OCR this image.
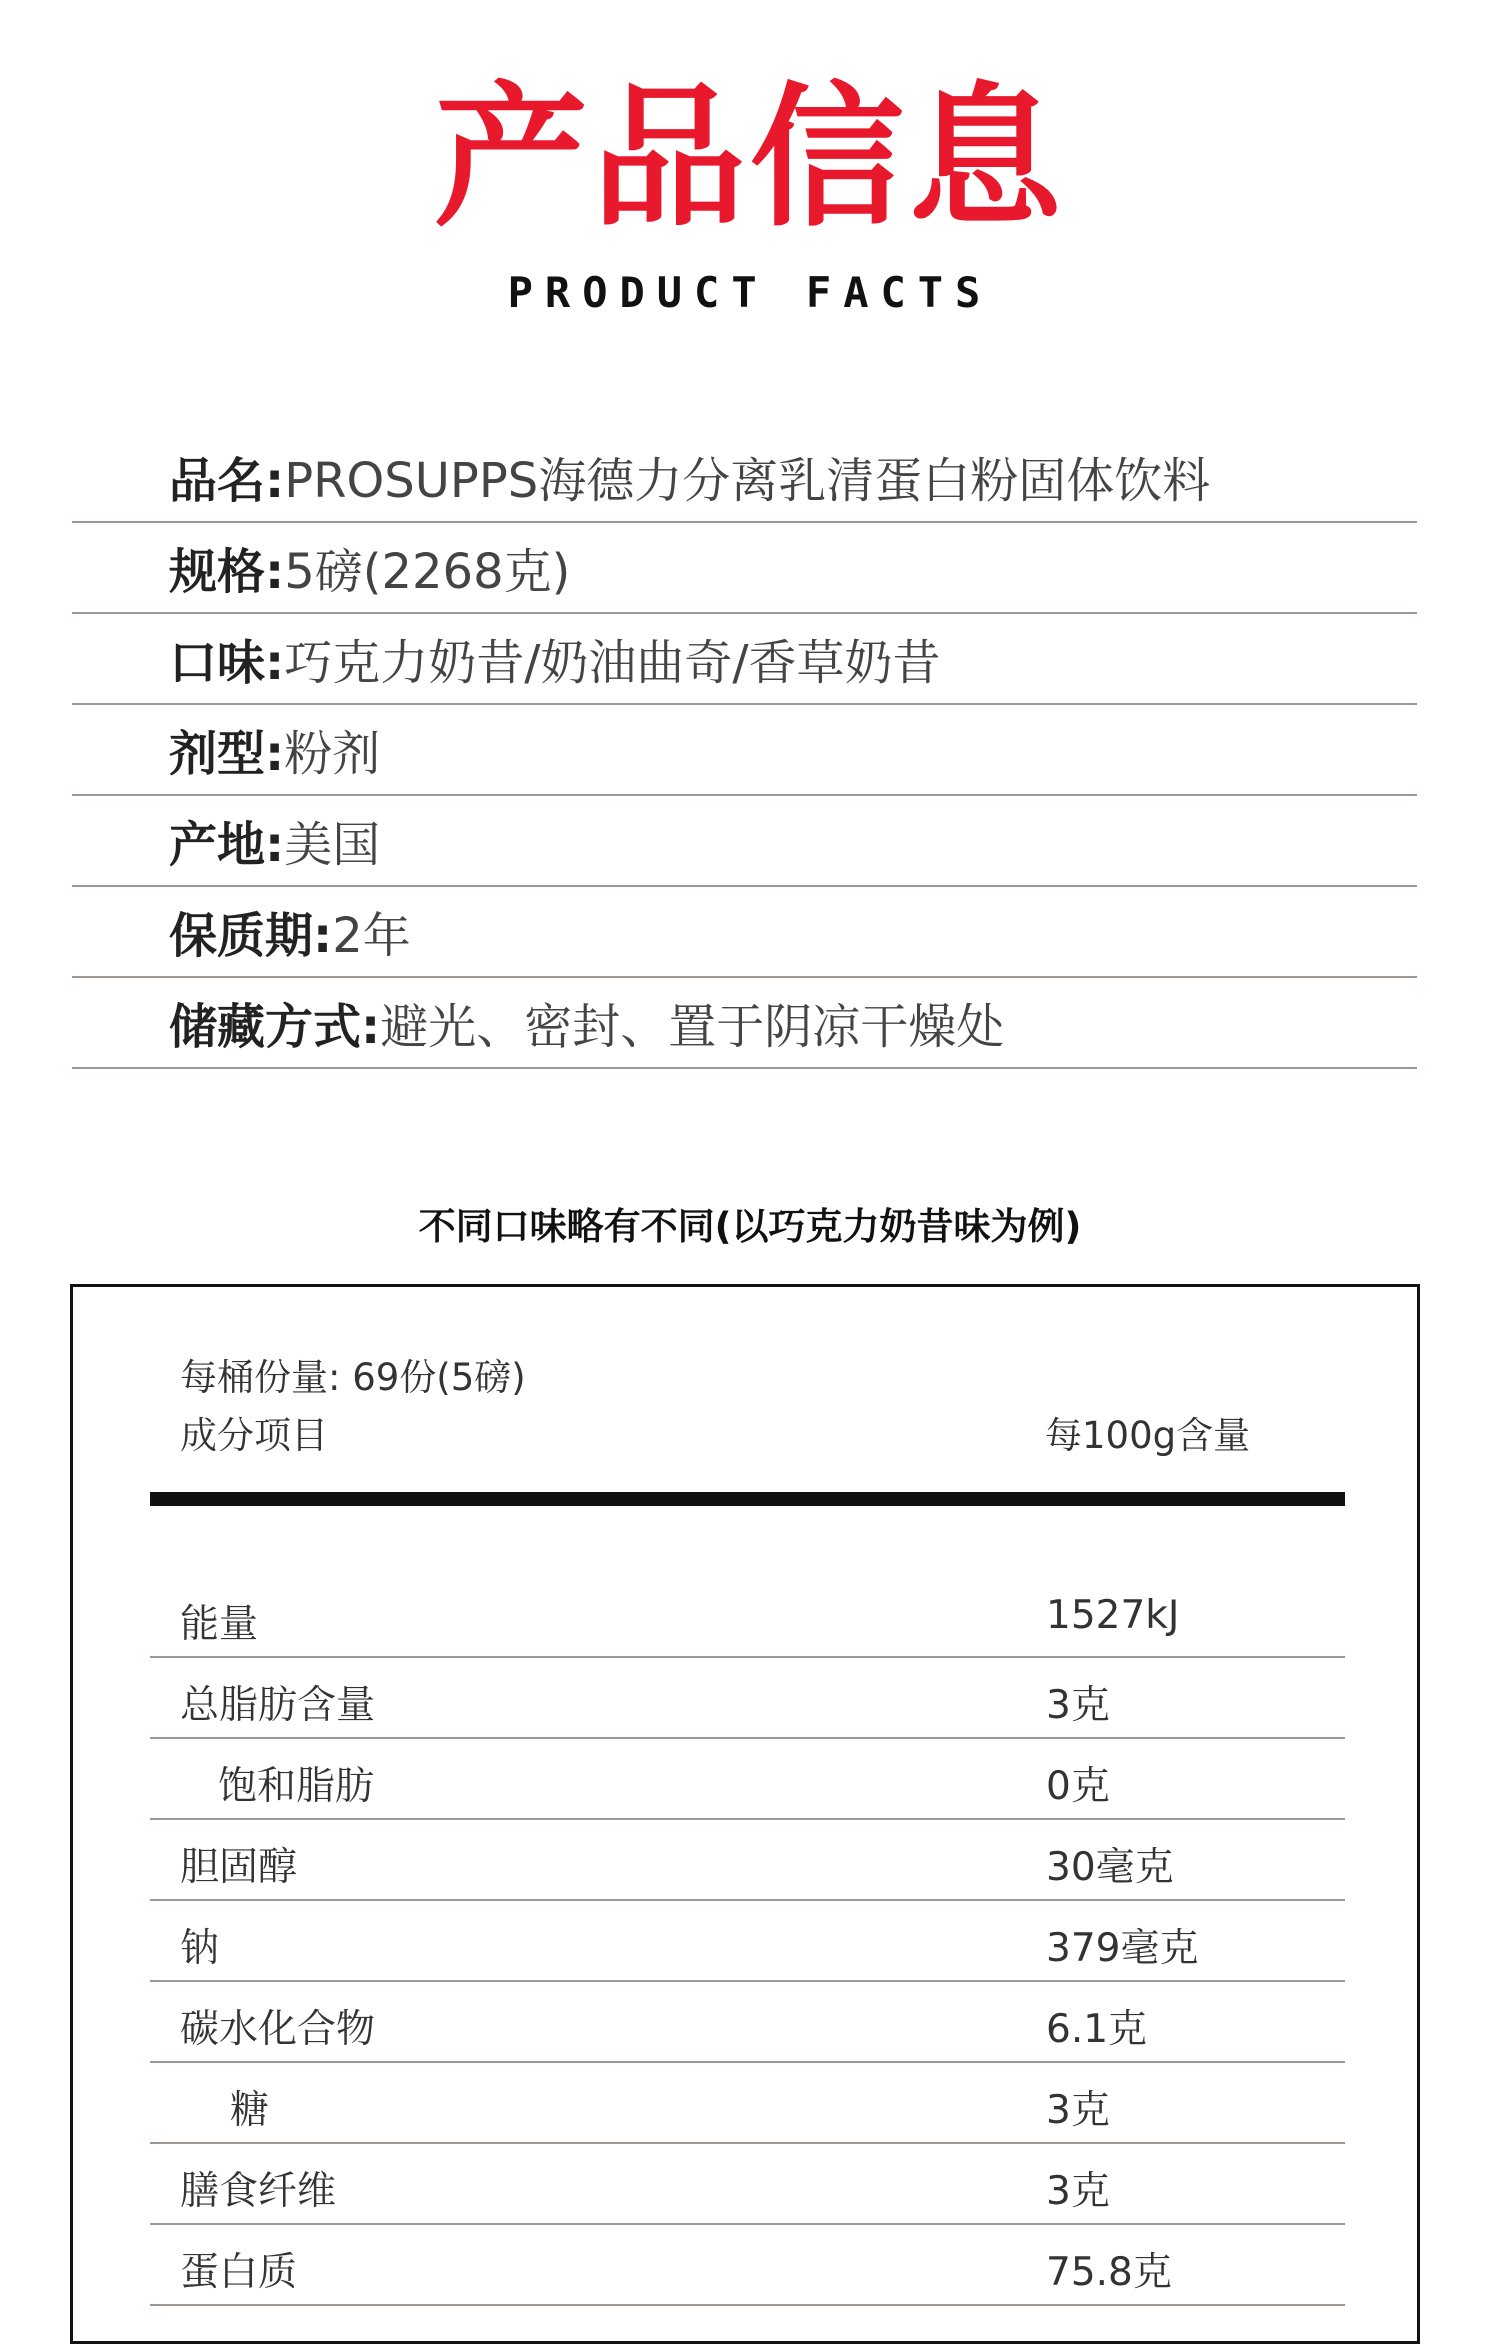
产品信息
PRODUCT FACTS
品名: PROSUPPS海德力分离乳清蛋白粉固体饮料
规格: 5磅(2268克)
口味: 巧克力奶昔/奶油曲奇/香草奶昔
剂型: 粉剂
产地: 美国
保质期: 2年
储藏方式: 避光、密封、置于阴凉干燥处
不同口味略有不同(以巧克力奶昔味为例)
每桶份量: 69份(5磅)
成分项目	每100g含量
能量	1527kJ
总脂肪含量	3克
饱和脂肪	0克
胆固醇	30毫克
钠	379毫克
碳水化合物	6.1克
糖	3克
膳食纤维	3克
蛋白质	75.8克
